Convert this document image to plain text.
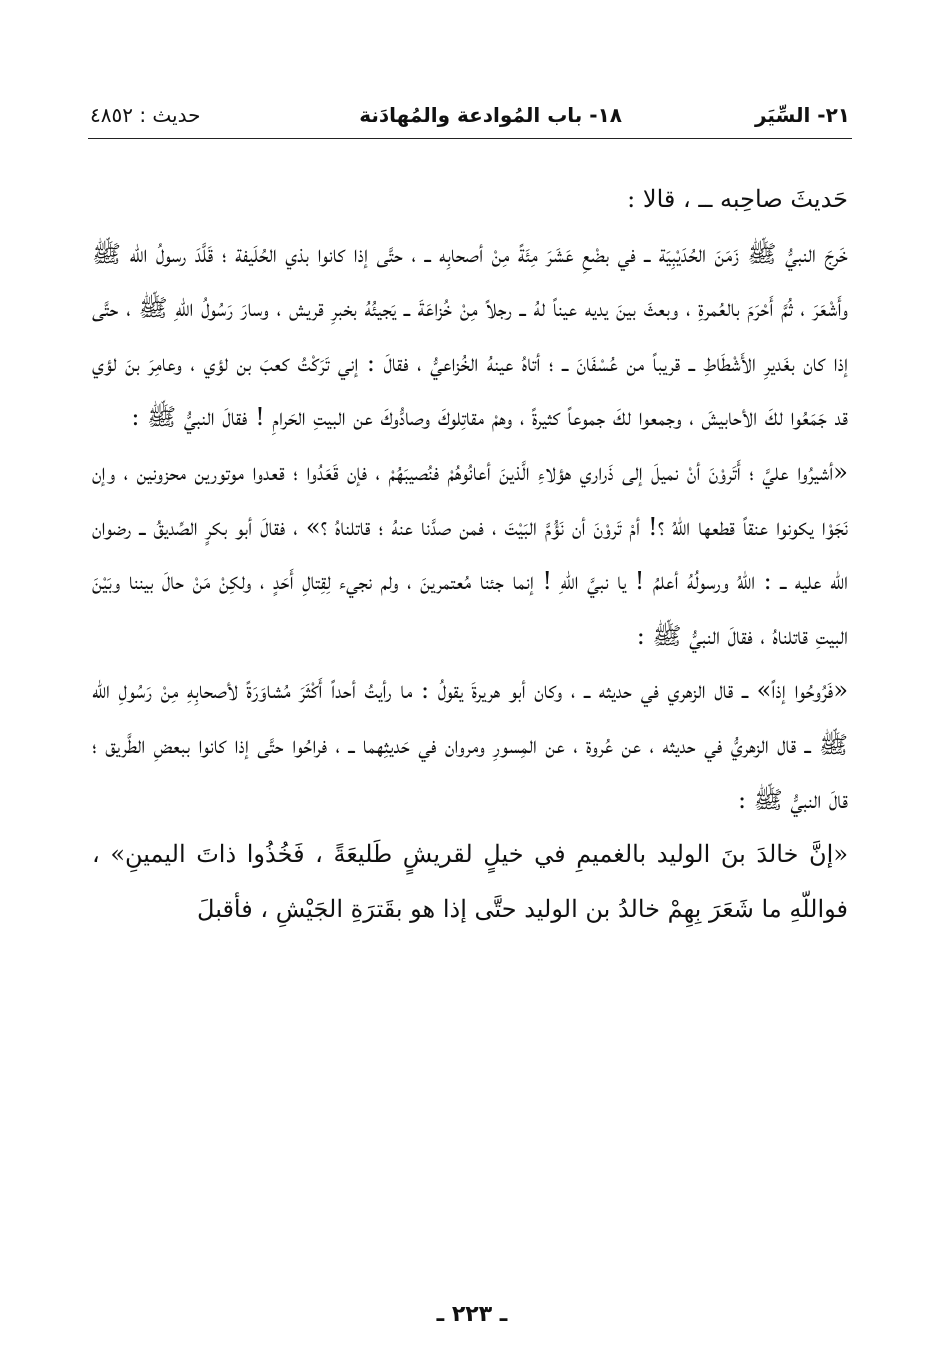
٢١- السِّيَر
١٨- باب المُوادعة والمُهادَنة
حديث : ٤٨٥٢

حَديثَ صاحِبه ــ ، قالا :

خَرجَ النبيُّ ﷺ زَمَنَ الحُدَيْبِيَة ــ في بضْعِ عَشَرَ مِئَةً مِنْ أصحابِه ــ ، حتَّى إذا كانوا بذي الحُلَيفة ؛ قَلَّدَ رسولُ اللّه ﷺ وأَشْعَرَ ، ثُمَّ أَحْرَمَ بالعُمرةِ ، وبعثَ بينَ يديه عيناً لهُ ــ رجلاً مِنْ خُزاعَةَ ــ يَجيئُهُ بخبرِ قريش ، وسارَ رَسُولُ اللّهِ ﷺ ، حتَّى إذا كان بغَديرِ الأَشْطَاطِ ــ قريباً من عُسْفَانَ ــ ؛ أتاهُ عينهُ الخُزاعيُّ ، فقالَ : إني تَرَكْتُ كعبَ بن لؤي ، وعامِرَ بنَ لؤي قد جَمَعُوا لكَ الأحابيشَ ، وجمعوا لكَ جموعاً كثيرةً ، وهمْ مقاتِلوكَ وصادُّوكَ عن البيتِ الحَرامِ ! فقالَ النبيُّ ﷺ :

«أشيرُوا عليَّ ؛ أَتَروْنَ أنْ نميلَ إلى ذَراري هؤلاءِ الَّذينَ أعانُوهُمْ فنُصيبَهُمْ ، فإن قَعَدُوا ؛ قعدوا موتورين محزونين ، وإن نَجَوْا يكونوا عنقاً قطعها اللّهُ ؟! أمْ تَروْنَ أن نَؤُمَّ البَيْتَ ، فمن صدَّنا عنهُ ؛ قاتلناهُ ؟» ، فقالَ أبو بكرٍ الصِّديقُ ــ رضوان اللّه عليه ــ : اللّهُ ورسولُهُ أعلمُ ! يا نبيَّ اللّهِ ! إنما جئنا مُعتمرينَ ، ولم نجيء لِقِتالِ أَحَدٍ ، ولكِنْ مَنْ حالَ بيننا وبَيْنَ البيتِ قاتلناهُ ، فقالَ النبيُّ ﷺ :

«فَرُوحُوا إذاً» ــ قال الزهري في حديثه ــ ، وكان أبو هريرةَ يقولُ : ما رأيتُ أحداً أَكْثَرَ مُشاوَرَةً لأصحابِهِ مِنْ رَسُولِ اللّه ﷺ ــ قال الزهريُّ في حديثه ، عن عُروة ، عن المِسورِ ومروان في حَديثِهما ــ ، فراحُوا حتَّى إذا كانوا ببعضِ الطَّريق ؛ قالَ النبيُّ ﷺ :

«إنَّ خالدَ بنَ الوليد بالغميمِ في خيلٍ لقريشٍ طَليعَةً ، فَخُذُوا ذاتَ اليمينِ» ، فواللّهِ ما شَعَرَ بِهِمْ خالدُ بن الوليد حتَّى إذا هو بقَترَةِ الجَيْشِ ، فأقبلَ

ـ ٢٢٣ ـ
